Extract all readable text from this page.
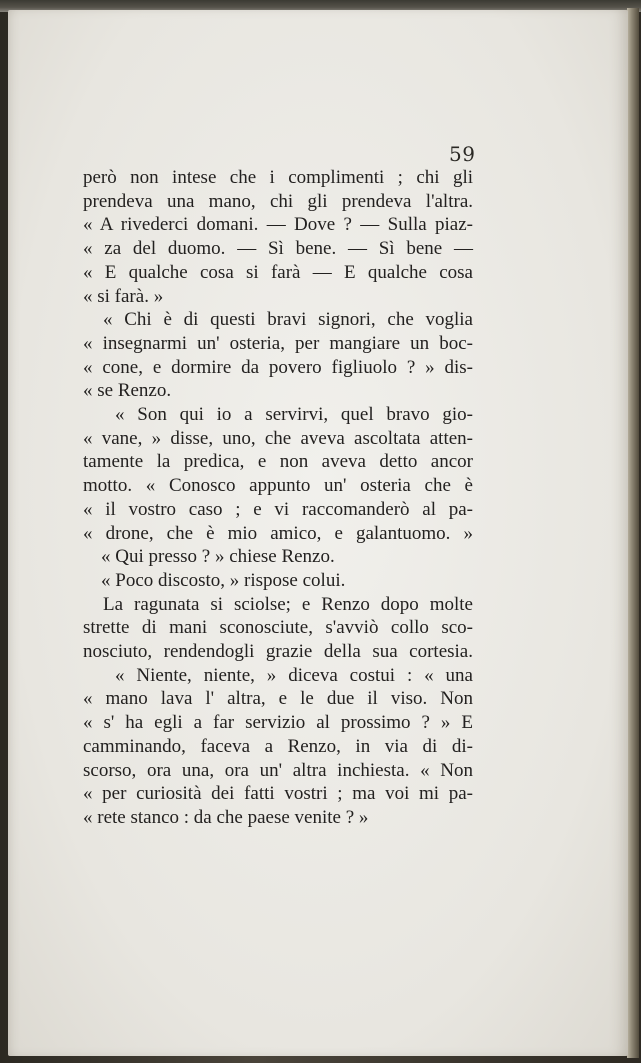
59
però non intese che i complimenti ; chi gli
prendeva una mano, chi gli prendeva l'altra.
« A rivederci domani. — Dove ? — Sulla piaz-
« za del duomo. — Sì bene. — Sì bene —
« E qualche cosa si farà — E qualche cosa
« si farà. »
« Chi è di questi bravi signori, che voglia
« insegnarmi un' osteria, per mangiare un boc-
« cone, e dormire da povero figliuolo ? » dis-
« se Renzo.
« Son qui io a servirvi, quel bravo gio-
« vane, » disse, uno, che aveva ascoltata atten-
tamente la predica, e non aveva detto ancor
motto. « Conosco appunto un' osteria che è
« il vostro caso ; e vi raccomanderò al pa-
« drone, che è mio amico, e galantuomo. »
« Qui presso ? » chiese Renzo.
« Poco discosto, » rispose colui.
La ragunata si sciolse; e Renzo dopo molte
strette di mani sconosciute, s'avviò collo sco-
nosciuto, rendendogli grazie della sua cortesia.
« Niente, niente, » diceva costui : « una
« mano lava l' altra, e le due il viso. Non
« s' ha egli a far servizio al prossimo ? » E
camminando, faceva a Renzo, in via di di-
scorso, ora una, ora un' altra inchiesta. « Non
« per curiosità dei fatti vostri ; ma voi mi pa-
« rete stanco : da che paese venite ? »
